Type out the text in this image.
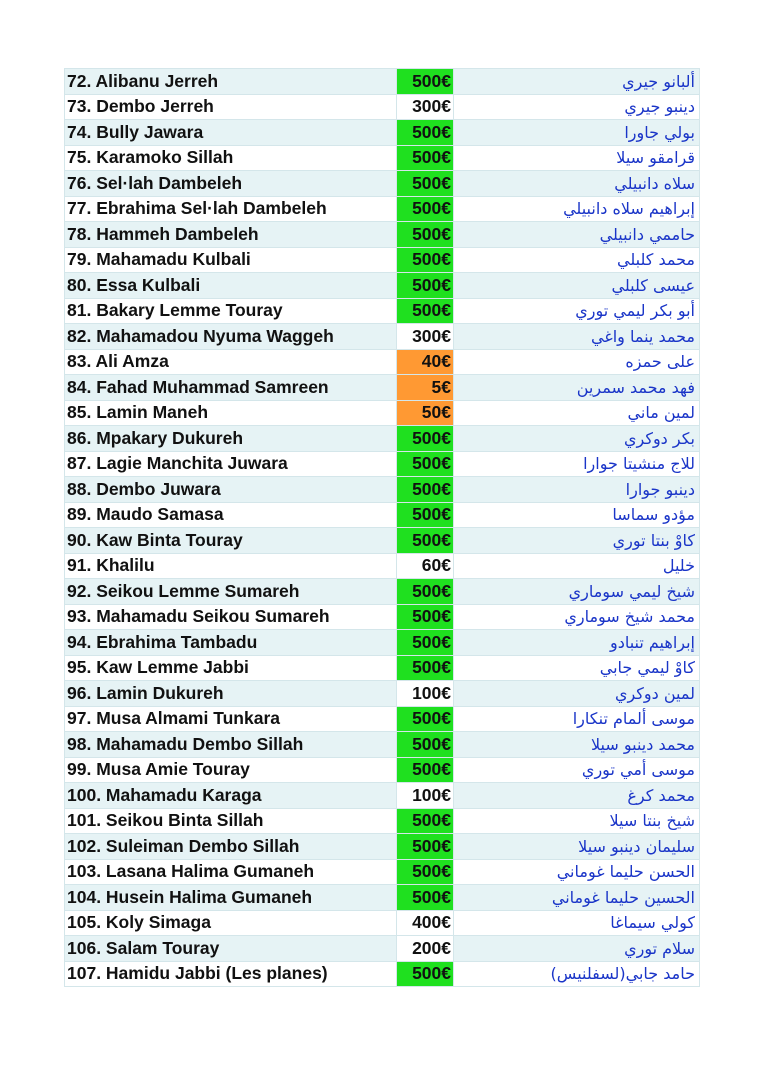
72. Alibanu Jerreh	500€	ألبانو جيري
73. Dembo Jerreh	300€	دينبو جيري
74. Bully Jawara	500€	بولي جاورا
75. Karamoko Sillah	500€	قرامقو سيلا
76. Sel·lah Dambeleh	500€	سلاه دانبيلي
77. Ebrahima Sel·lah Dambeleh	500€	إبراهيم سلاه دانبيلي
78. Hammeh Dambeleh	500€	حاممي دانبيلي
79. Mahamadu Kulbali	500€	محمد كلبلي
80. Essa Kulbali	500€	عيسى كلبلي
81. Bakary Lemme Touray	500€	أبو بكر ليمي توري
82. Mahamadou Nyuma Waggeh	300€	محمد ينما واغي
83. Ali Amza	40€	على حمزه
84. Fahad Muhammad Samreen	5€	فهد محمد سمرين
85. Lamin Maneh	50€	لمين ماني
86. Mpakary Dukureh	500€	بكر دوكري
87. Lagie Manchita Juwara	500€	للاج منشيتا جوارا
88. Dembo Juwara	500€	دينبو جوارا
89. Maudo Samasa	500€	مؤدو سماسا
90. Kaw Binta Touray	500€	كاوْ بنتا توري
91. Khalilu	60€	خليل
92. Seikou Lemme Sumareh	500€	شيخ ليمي سوماري
93. Mahamadu Seikou Sumareh	500€	محمد شيخ سوماري
94. Ebrahima Tambadu	500€	إبراهيم تنبادو
95. Kaw Lemme Jabbi	500€	كاوْ ليمي جابي
96. Lamin Dukureh	100€	لمين دوكري
97. Musa Almami Tunkara	500€	موسى ألمام تنكارا
98. Mahamadu Dembo Sillah	500€	محمد دينبو سيلا
99. Musa Amie Touray	500€	موسى أمي توري
100. Mahamadu Karaga	100€	محمد كرغ
101. Seikou Binta Sillah	500€	شيخ بنتا سيلا
102. Suleiman Dembo Sillah	500€	سليمان دينبو سيلا
103. Lasana Halima Gumaneh	500€	الحسن حليما غوماني
104. Husein Halima Gumaneh	500€	الحسين حليما غوماني
105. Koly Simaga	400€	كولي سيماغا
106. Salam Touray	200€	سلام توري
107. Hamidu Jabbi (Les planes)	500€	حامد جابي(لسفلنيس)
